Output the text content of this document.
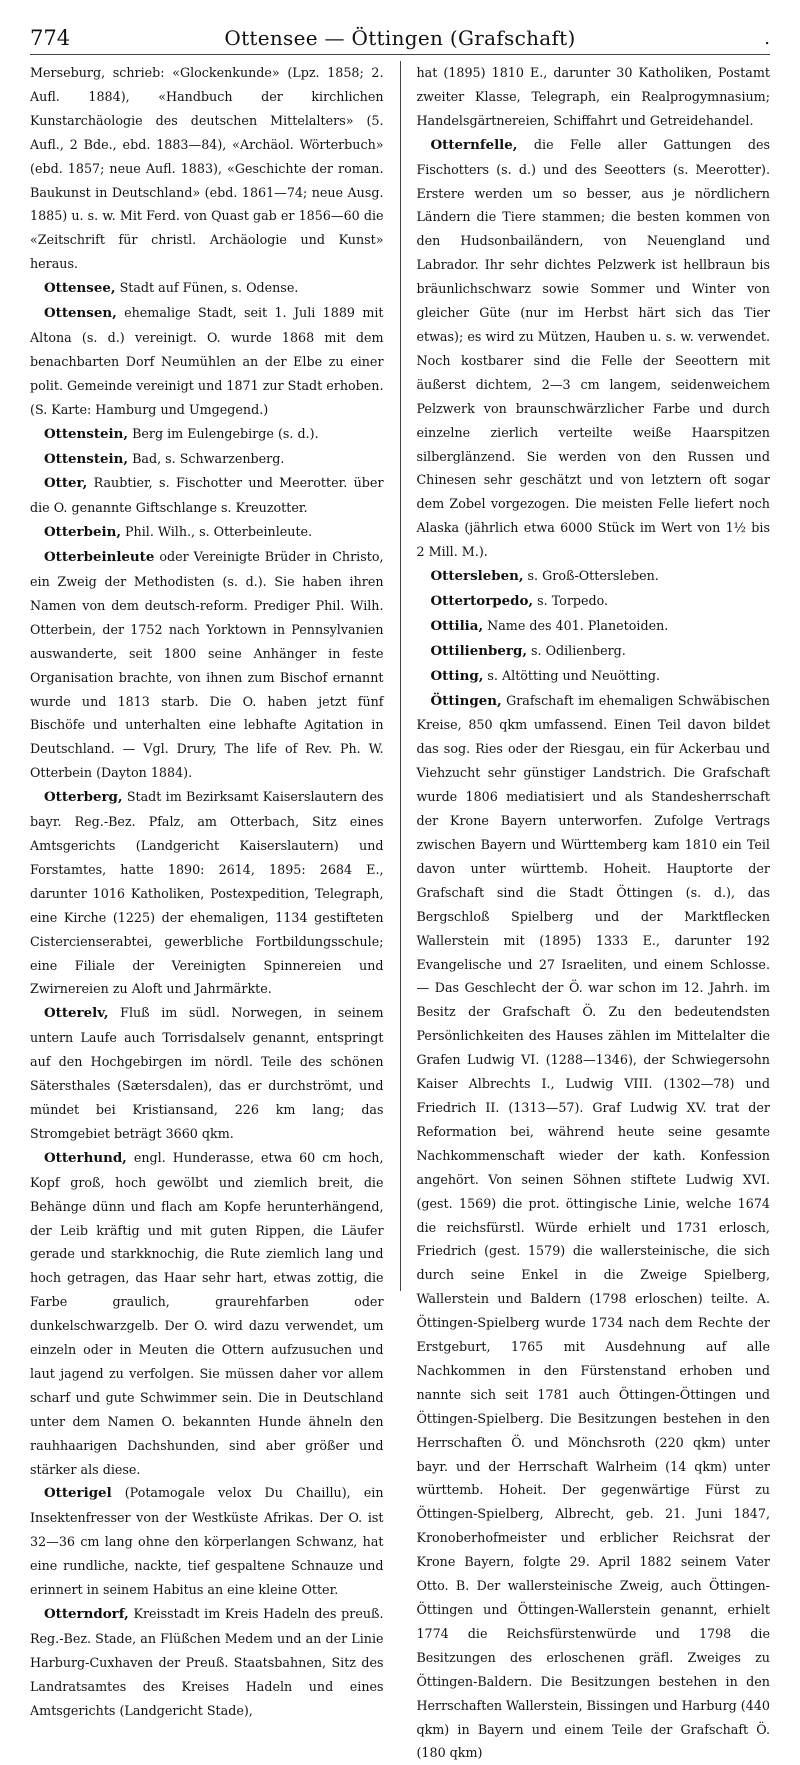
774	Ottensee — Öttingen (Grafschaft)	.

Merseburg, schrieb: «Glockenkunde» (Lpz. 1858; 2. Aufl. 1884), «Handbuch der kirchlichen Kunstarchäologie des deutschen Mittelalters» (5. Aufl., 2 Bde., ebd. 1883—84), «Archäol. Wörterbuch» (ebd. 1857; neue Aufl. 1883), «Geschichte der roman. Baukunst in Deutschland» (ebd. 1861—74; neue Ausg. 1885) u. s. w. Mit Ferd. von Quast gab er 1856—60 die «Zeitschrift für christl. Archäologie und Kunst» heraus.

Ottensee, Stadt auf Fünen, s. Odense.

Ottensen, ehemalige Stadt, seit 1. Juli 1889 mit Altona (s. d.) vereinigt. O. wurde 1868 mit dem benachbarten Dorf Neumühlen an der Elbe zu einer polit. Gemeinde vereinigt und 1871 zur Stadt erhoben. (S. Karte: Hamburg und Umgegend.)

Ottenstein, Berg im Eulengebirge (s. d.).

Ottenstein, Bad, s. Schwarzenberg.

Otter, Raubtier, s. Fischotter und Meerotter. über die O. genannte Giftschlange s. Kreuzotter.

Otterbein, Phil. Wilh., s. Otterbeinleute.

Otterbeinleute oder Vereinigte Brüder in Christo, ein Zweig der Methodisten (s. d.). Sie haben ihren Namen von dem deutsch-reform. Prediger Phil. Wilh. Otterbein, der 1752 nach Yorktown in Pennsylvanien auswanderte, seit 1800 seine Anhänger in feste Organisation brachte, von ihnen zum Bischof ernannt wurde und 1813 starb. Die O. haben jetzt fünf Bischöfe und unterhalten eine lebhafte Agitation in Deutschland. — Vgl. Drury, The life of Rev. Ph. W. Otterbein (Dayton 1884).

Otterberg, Stadt im Bezirksamt Kaiserslautern des bayr. Reg.-Bez. Pfalz, am Otterbach, Sitz eines Amtsgerichts (Landgericht Kaiserslautern) und Forstamtes, hatte 1890: 2614, 1895: 2684 E., darunter 1016 Katholiken, Postexpedition, Telegraph, eine Kirche (1225) der ehemaligen, 1134 gestifteten Cistercienserabtei, gewerbliche Fortbildungsschule; eine Filiale der Vereinigten Spinnereien und Zwirnereien zu Aloft und Jahrmärkte.

Otterelv, Fluß im südl. Norwegen, in seinem untern Laufe auch Torrisdalselv genannt, entspringt auf den Hochgebirgen im nördl. Teile des schönen Sätersthales (Sætersdalen), das er durchströmt, und mündet bei Kristiansand, 226 km lang; das Stromgebiet beträgt 3660 qkm.

Otterhund, engl. Hunderasse, etwa 60 cm hoch, Kopf groß, hoch gewölbt und ziemlich breit, die Behänge dünn und flach am Kopfe herunterhängend, der Leib kräftig und mit guten Rippen, die Läufer gerade und starkknochig, die Rute ziemlich lang und hoch getragen, das Haar sehr hart, etwas zottig, die Farbe graulich, graurehfarben oder dunkelschwarzgelb. Der O. wird dazu verwendet, um einzeln oder in Meuten die Ottern aufzusuchen und laut jagend zu verfolgen. Sie müssen daher vor allem scharf und gute Schwimmer sein. Die in Deutschland unter dem Namen O. bekannten Hunde ähneln den rauhhaarigen Dachshunden, sind aber größer und stärker als diese.

Otterigel (Potamogale velox Du Chaillu), ein Insektenfresser von der Westküste Afrikas. Der O. ist 32—36 cm lang ohne den körperlangen Schwanz, hat eine rundliche, nackte, tief gespaltene Schnauze und erinnert in seinem Habitus an eine kleine Otter.

Otterndorf, Kreisstadt im Kreis Hadeln des preuß. Reg.-Bez. Stade, an Flüßchen Medem und an der Linie Harburg-Cuxhaven der Preuß. Staatsbahnen, Sitz des Landratsamtes des Kreises Hadeln und eines Amtsgerichts (Landgericht Stade),

hat (1895) 1810 E., darunter 30 Katholiken, Postamt zweiter Klasse, Telegraph, ein Realprogymnasium; Handelsgärtnereien, Schiffahrt und Getreidehandel.

Otternfelle, die Felle aller Gattungen des Fischotters (s. d.) und des Seeotters (s. Meerotter). Erstere werden um so besser, aus je nördlichern Ländern die Tiere stammen; die besten kommen von den Hudsonbailändern, von Neuengland und Labrador. Ihr sehr dichtes Pelzwerk ist hellbraun bis bräunlichschwarz sowie Sommer und Winter von gleicher Güte (nur im Herbst härt sich das Tier etwas); es wird zu Mützen, Hauben u. s. w. verwendet. Noch kostbarer sind die Felle der Seeottern mit äußerst dichtem, 2—3 cm langem, seidenweichem Pelzwerk von braunschwärzlicher Farbe und durch einzelne zierlich verteilte weiße Haarspitzen silberglänzend. Sie werden von den Russen und Chinesen sehr geschätzt und von letztern oft sogar dem Zobel vorgezogen. Die meisten Felle liefert noch Alaska (jährlich etwa 6000 Stück im Wert von 1½ bis 2 Mill. M.).

Ottersleben, s. Groß-Ottersleben.

Ottertorpedo, s. Torpedo.

Ottilia, Name des 401. Planetoiden.

Ottilienberg, s. Odilienberg.

Otting, s. Altötting und Neuötting.

Öttingen, Grafschaft im ehemaligen Schwäbischen Kreise, 850 qkm umfassend. Einen Teil davon bildet das sog. Ries oder der Riesgau, ein für Ackerbau und Viehzucht sehr günstiger Landstrich. Die Grafschaft wurde 1806 mediatisiert und als Standesherrschaft der Krone Bayern unterworfen. Zufolge Vertrags zwischen Bayern und Württemberg kam 1810 ein Teil davon unter württemb. Hoheit. Hauptorte der Grafschaft sind die Stadt Öttingen (s. d.), das Bergschloß Spielberg und der Marktflecken Wallerstein mit (1895) 1333 E., darunter 192 Evangelische und 27 Israeliten, und einem Schlosse. — Das Geschlecht der Ö. war schon im 12. Jahrh. im Besitz der Grafschaft Ö. Zu den bedeutendsten Persönlichkeiten des Hauses zählen im Mittelalter die Grafen Ludwig VI. (1288—1346), der Schwiegersohn Kaiser Albrechts I., Ludwig VIII. (1302—78) und Friedrich II. (1313—57). Graf Ludwig XV. trat der Reformation bei, während heute seine gesamte Nachkommenschaft wieder der kath. Konfession angehört. Von seinen Söhnen stiftete Ludwig XVI. (gest. 1569) die prot. öttingische Linie, welche 1674 die reichsfürstl. Würde erhielt und 1731 erlosch, Friedrich (gest. 1579) die wallersteinische, die sich durch seine Enkel in die Zweige Spielberg, Wallerstein und Baldern (1798 erloschen) teilte. A. Öttingen-Spielberg wurde 1734 nach dem Rechte der Erstgeburt, 1765 mit Ausdehnung auf alle Nachkommen in den Fürstenstand erhoben und nannte sich seit 1781 auch Öttingen-Öttingen und Öttingen-Spielberg. Die Besitzungen bestehen in den Herrschaften Ö. und Mönchsroth (220 qkm) unter bayr. und der Herrschaft Walrheim (14 qkm) unter württemb. Hoheit. Der gegenwärtige Fürst zu Öttingen-Spielberg, Albrecht, geb. 21. Juni 1847, Kronoberhofmeister und erblicher Reichsrat der Krone Bayern, folgte 29. April 1882 seinem Vater Otto. B. Der wallersteinische Zweig, auch Öttingen-Öttingen und Öttingen-Wallerstein genannt, erhielt 1774 die Reichsfürstenwürde und 1798 die Besitzungen des erloschenen gräfl. Zweiges zu Öttingen-Baldern. Die Besitzungen bestehen in den Herrschaften Wallerstein, Bissingen und Harburg (440 qkm) in Bayern und einem Teile der Grafschaft Ö. (180 qkm)
